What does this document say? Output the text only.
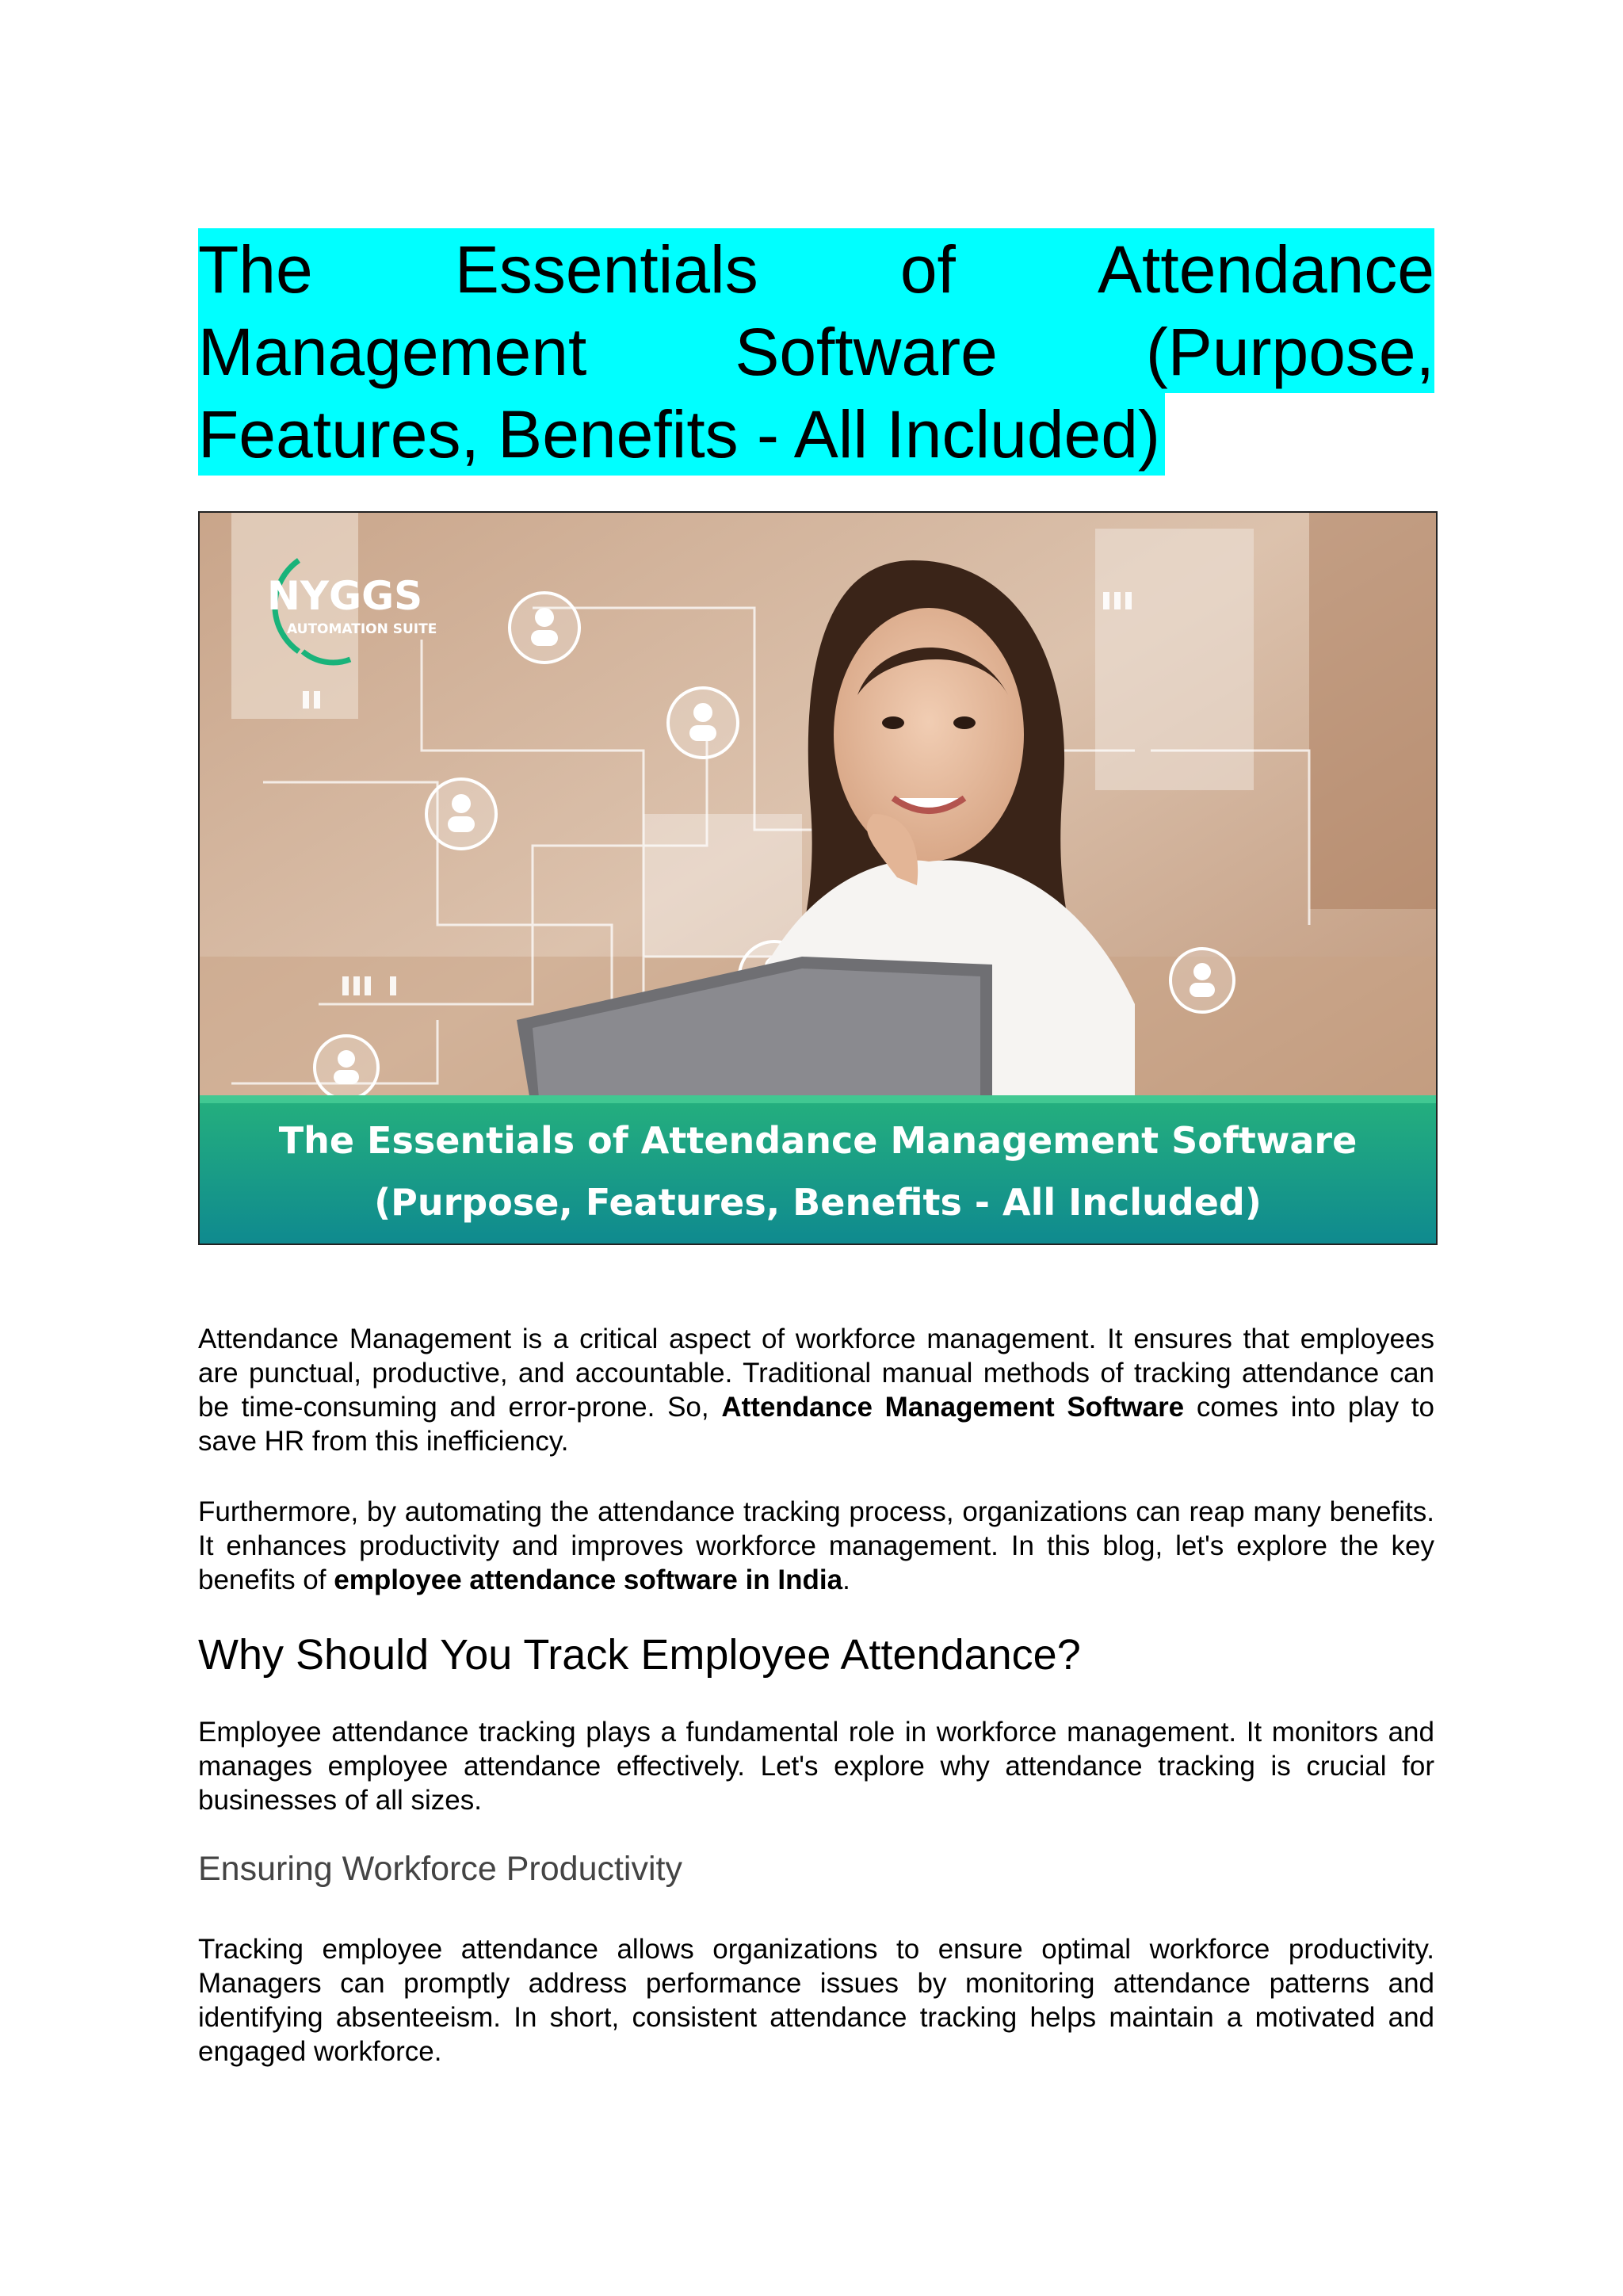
The Essentials of Attendance
Management Software (Purpose,
Features, Benefits - All Included)
NYGGS
AUTOMATION SUITE
The Essentials of Attendance Management Software
(Purpose, Features, Benefits - All Included)

Attendance Management is a critical aspect of workforce management. It ensures that employees are punctual, productive, and accountable. Traditional manual methods of tracking attendance can be time-consuming and error-prone. So, Attendance Management Software comes into play to save HR from this inefficiency.

Furthermore, by automating the attendance tracking process, organizations can reap many benefits. It enhances productivity and improves workforce management. In this blog, let's explore the key benefits of employee attendance software in India.

Why Should You Track Employee Attendance?

Employee attendance tracking plays a fundamental role in workforce management. It monitors and manages employee attendance effectively. Let's explore why attendance tracking is crucial for businesses of all sizes.

Ensuring Workforce Productivity

Tracking employee attendance allows organizations to ensure optimal workforce productivity. Managers can promptly address performance issues by monitoring attendance patterns and identifying absenteeism. In short, consistent attendance tracking helps maintain a motivated and engaged workforce.
